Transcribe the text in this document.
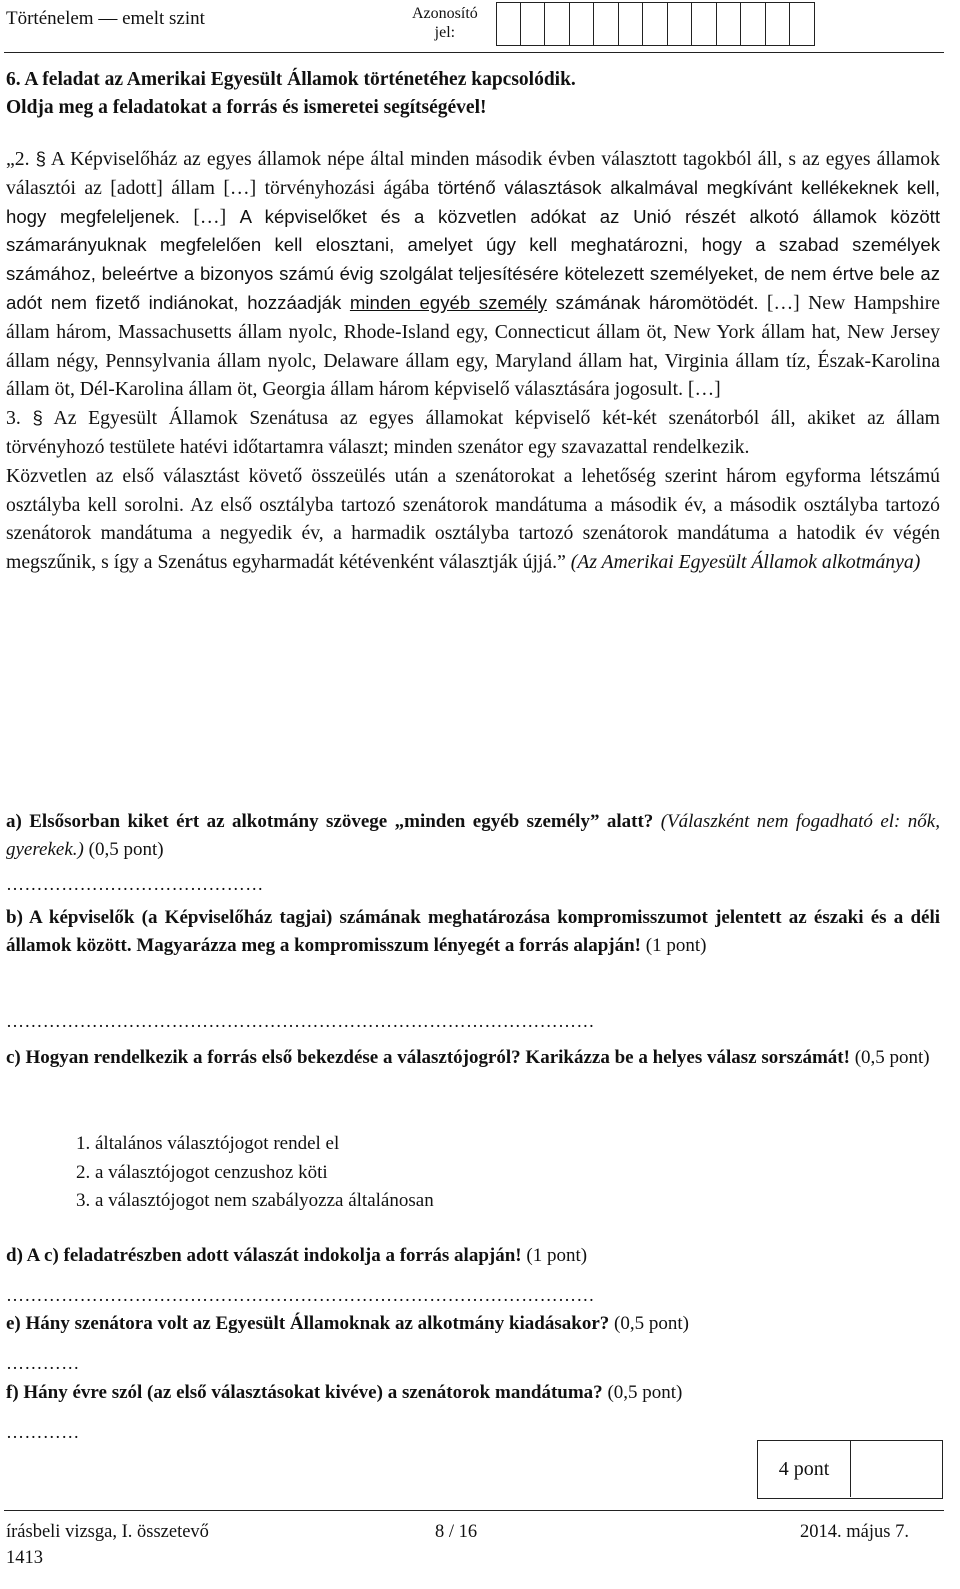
Történelem — emelt szint	Azonosító
jel:
6. A feladat az Amerikai Egyesült Államok történetéhez kapcsolódik.
Oldja meg a feladatokat a forrás és ismeretei segítségével!
„2. § A Képviselőház az egyes államok népe által minden második évben választott tagokból áll, s az egyes államok választói az [adott] állam […] törvényhozási ágába történő választások alkalmával megkívánt kellékeknek kell, hogy megfeleljenek. […] A képviselőket és a közvetlen adókat az Unió részét alkotó államok között számarányuknak megfelelően kell elosztani, amelyet úgy kell meghatározni, hogy a szabad személyek számához, beleértve a bizonyos számú évig szolgálat teljesítésére kötelezett személyeket, de nem értve bele az adót nem fizető indiánokat, hozzáadják minden egyéb személy számának háromötödét. […] New Hampshire állam három, Massachusetts állam nyolc, Rhode-Island egy, Connecticut állam öt, New York állam hat, New Jersey állam négy, Pennsylvania állam nyolc, Delaware állam egy, Maryland állam hat, Virginia állam tíz, Észak-Karolina állam öt, Dél-Karolina állam öt, Georgia állam három képviselő választására jogosult. […]
3. § Az Egyesült Államok Szenátusa az egyes államokat képviselő két-két szenátorból áll, akiket az állam törvényhozó testülete hatévi időtartamra választ; minden szenátor egy szavazattal rendelkezik.
Közvetlen az első választást követő összeülés után a szenátorokat a lehetőség szerint három egyforma létszámú osztályba kell sorolni. Az első osztályba tartozó szenátorok mandátuma a második év, a második osztályba tartozó szenátorok mandátuma a negyedik év, a harmadik osztályba tartozó szenátorok mandátuma a hatodik év végén megszűnik, s így a Szenátus egyharmadát kétévenként választják újjá.” (Az Amerikai Egyesült Államok alkotmánya)
a) Elsősorban kiket ért az alkotmány szövege „minden egyéb személy” alatt? (Válaszként nem fogadható el: nők, gyerekek.) (0,5 pont)
……………………………………
b) A képviselők (a Képviselőház tagjai) számának meghatározása kompromisszumot jelentett az északi és a déli államok között. Magyarázza meg a kompromisszum lényegét a forrás alapján! (1 pont)
……………………………………………………………………………………
c) Hogyan rendelkezik a forrás első bekezdése a választójogról? Karikázza be a helyes válasz sorszámát! (0,5 pont)
1. általános választójogot rendel el
2. a választójogot cenzushoz köti
3. a választójogot nem szabályozza általánosan
d) A c) feladatrészben adott válaszát indokolja a forrás alapján! (1 pont)
……………………………………………………………………………………
e) Hány szenátora volt az Egyesült Államoknak az alkotmány kiadásakor? (0,5 pont)
…………
f) Hány évre szól (az első választásokat kivéve) a szenátorok mandátuma? (0,5 pont)
…………
4 pont
írásbeli vizsga, I. összetevő	8 / 16	2014. május 7.
1413
